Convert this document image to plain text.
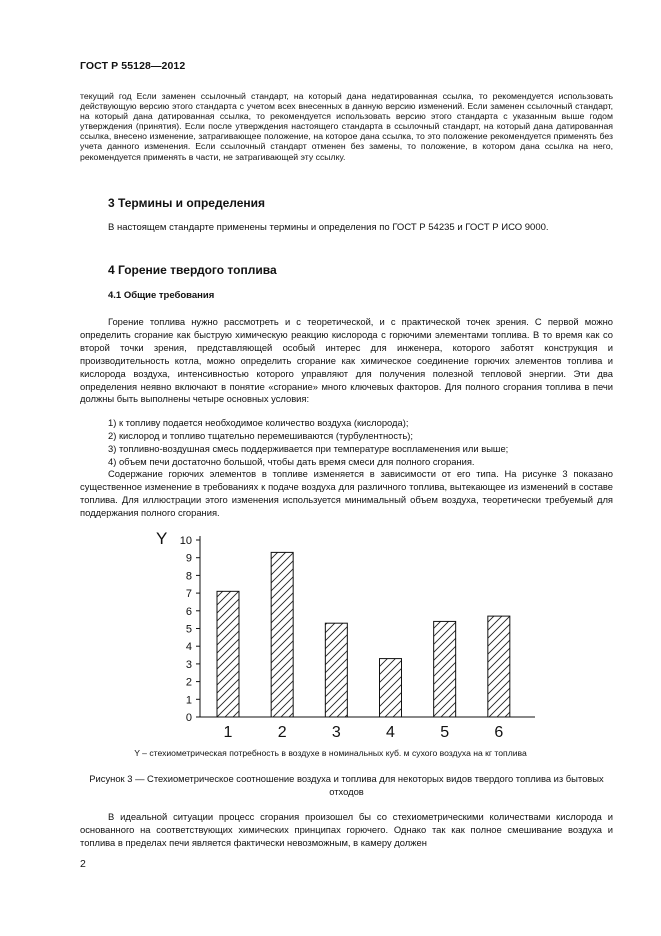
ГОСТ Р 55128—2012
текущий год Если заменен ссылочный стандарт, на который дана недатированная ссылка, то рекомендуется использовать действующую версию этого стандарта с учетом всех внесенных в данную версию изменений. Если заменен ссылочный стандарт, на который дана датированная ссылка, то рекомендуется использовать версию этого стандарта с указанным выше годом утверждения (принятия). Если после утверждения настоящего стандарта в ссылочный стандарт, на который дана датированная ссылка, внесено изменение, затрагивающее положение, на которое дана ссылка, то это положение рекомендуется применять без учета данного изменения. Если ссылочный стандарт отменен без замены, то положение, в котором дана ссылка на него, рекомендуется применять в части, не затрагивающей эту ссылку.
3 Термины и определения
В настоящем стандарте применены термины и определения по ГОСТ Р 54235 и ГОСТ Р ИСО 9000.
4 Горение твердого топлива
4.1 Общие требования
Горение топлива нужно рассмотреть и с теоретической, и с практической точек зрения. С первой можно определить сгорание как быструю химическую реакцию кислорода с горючими элементами топлива. В то время как со второй точки зрения, представляющей особый интерес для инженера, которого заботят конструкция и производительность котла, можно определить сгорание как химическое соединение горючих элементов топлива и кислорода воздуха, интенсивностью которого управляют для получения полезной тепловой энергии. Эти два определения неявно включают в понятие «сгорание» много ключевых факторов. Для полного сгорания топлива в печи должны быть выполнены четыре основных условия:
1) к топливу подается необходимое количество воздуха (кислорода);
2) кислород и топливо тщательно перемешиваются (турбулентность);
3) топливно-воздушная смесь поддерживается при температуре воспламенения или выше;
4) объем печи достаточно большой, чтобы дать время смеси для полного сгорания.
Содержание горючих элементов в топливе изменяется в зависимости от его типа. На рисунке 3 показано существенное изменение в требованиях к подаче воздуха для различного топлива, вытекающее из изменений в составе топлива. Для иллюстрации этого изменения используется минимальный объем воздуха, теоретически требуемый для поддержания полного сгорания.
Y
0
1
2
3
4
5
6
7
8
9
10
1	2	3	4	5	6
Y – стехиометрическая потребность в воздухе в номинальных куб. м сухого воздуха на кг топлива
Рисунок 3 — Стехиометрическое соотношение воздуха и топлива для некоторых видов твердого топлива из бытовых отходов
В идеальной ситуации процесс сгорания произошел бы со стехиометрическими количествами кислорода и основанного на соответствующих химических принципах горючего. Однако так как полное смешивание воздуха и топлива в пределах печи является фактически невозможным, в камеру должен
2
